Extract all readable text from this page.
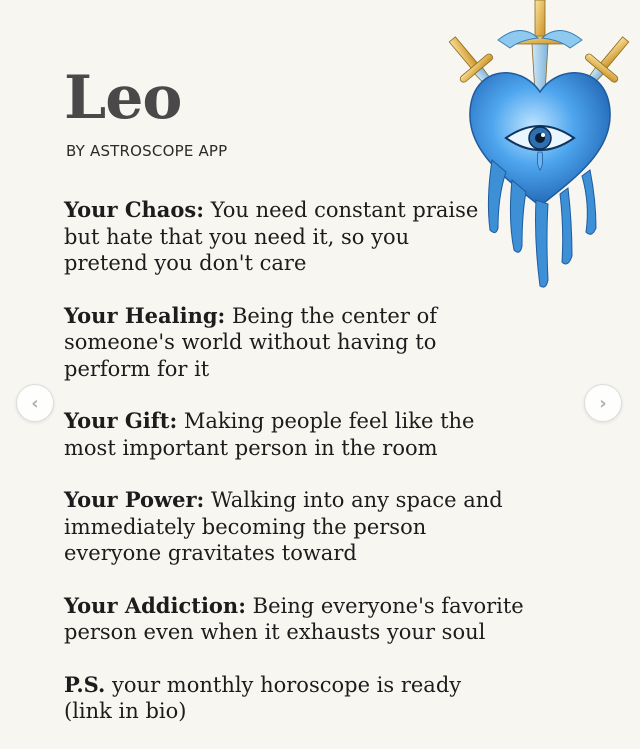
Leo
BY ASTROSCOPE APP

Your Chaos: You need constant praise
but hate that you need it, so you
pretend you don't care

Your Healing: Being the center of
someone's world without having to
perform for it

Your Gift: Making people feel like the
most important person in the room

Your Power: Walking into any space and
immediately becoming the person
everyone gravitates toward

Your Addiction: Being everyone's favorite
person even when it exhausts your soul

P.S. your monthly horoscope is ready
(link in bio)

‹	›
